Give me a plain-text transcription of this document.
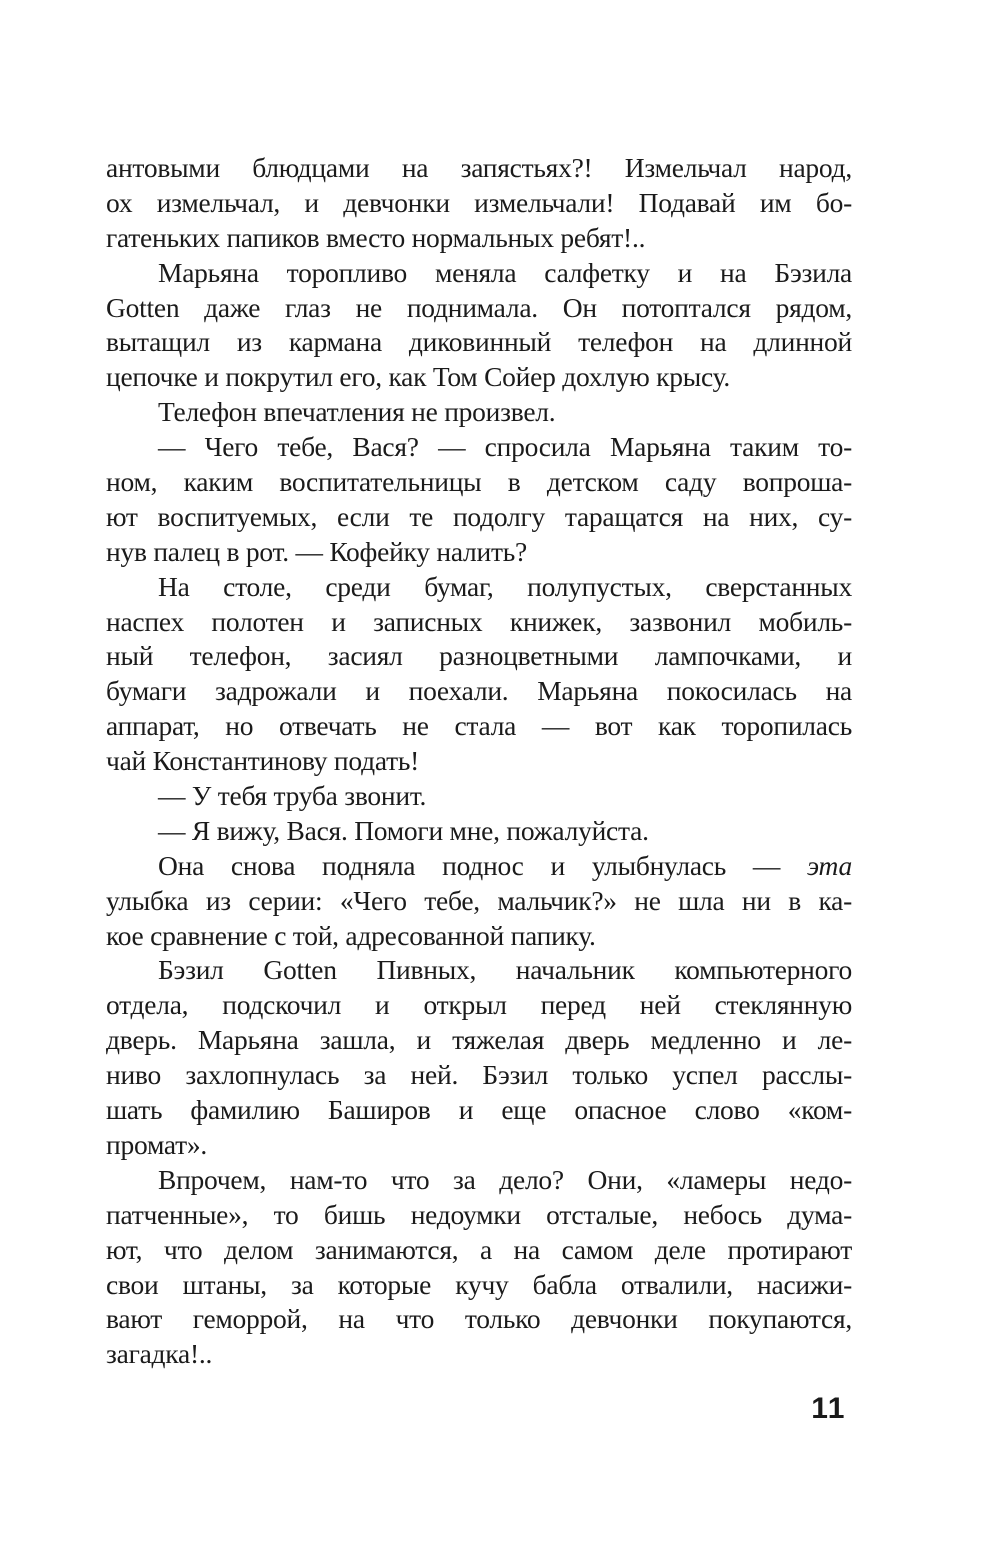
антовыми блюдцами на запястьях?! Измельчал народ,
ох измельчал, и девчонки измельчали! Подавай им бо-
гатеньких папиков вместо нормальных ребят!..
Марьяна торопливо меняла салфетку и на Бэзила
Gotten даже глаз не поднимала. Он потоптался рядом,
вытащил из кармана диковинный телефон на длинной
цепочке и покрутил его, как Том Сойер дохлую крысу.
Телефон впечатления не произвел.
— Чего тебе, Вася? — спросила Марьяна таким то-
ном, каким воспитательницы в детском саду вопроша-
ют воспитуемых, если те подолгу таращатся на них, су-
нув палец в рот. — Кофейку налить?
На столе, среди бумаг, полупустых, сверстанных
наспех полотен и записных книжек, зазвонил мобиль-
ный телефон, засиял разноцветными лампочками, и
бумаги задрожали и поехали. Марьяна покосилась на
аппарат, но отвечать не стала — вот как торопилась
чай Константинову подать!
— У тебя труба звонит.
— Я вижу, Вася. Помоги мне, пожалуйста.
Она снова подняла поднос и улыбнулась — эта
улыбка из серии: «Чего тебе, мальчик?» не шла ни в ка-
кое сравнение с той, адресованной папику.
Бэзил Gotten Пивных, начальник компьютерного
отдела, подскочил и открыл перед ней стеклянную
дверь. Марьяна зашла, и тяжелая дверь медленно и ле-
ниво захлопнулась за ней. Бэзил только успел расслы-
шать фамилию Баширов и еще опасное слово «ком-
промат».
Впрочем, нам-то что за дело? Они, «ламеры недо-
патченные», то бишь недоумки отсталые, небось дума-
ют, что делом занимаются, а на самом деле протирают
свои штаны, за которые кучу бабла отвалили, насижи-
вают геморрой, на что только девчонки покупаются,
загадка!..
11
